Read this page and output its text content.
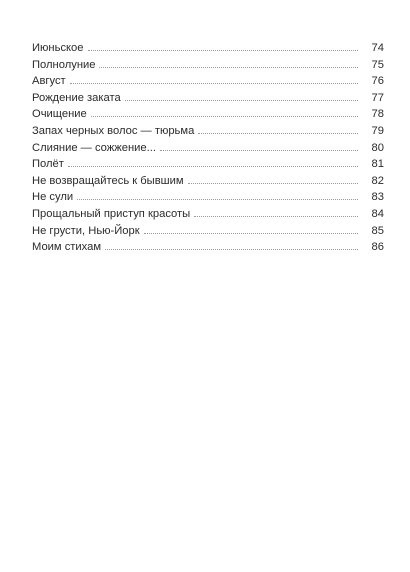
Июньское	74
Полнолуние	75
Август	76
Рождение заката	77
Очищение	78
Запах черных волос — тюрьма	79
Слияние — сожжение...	80
Полёт	81
Не возвращайтесь к бывшим	82
Не сули	83
Прощальный приступ красоты	84
Не грусти, Нью-Йорк	85
Моим стихам	86
